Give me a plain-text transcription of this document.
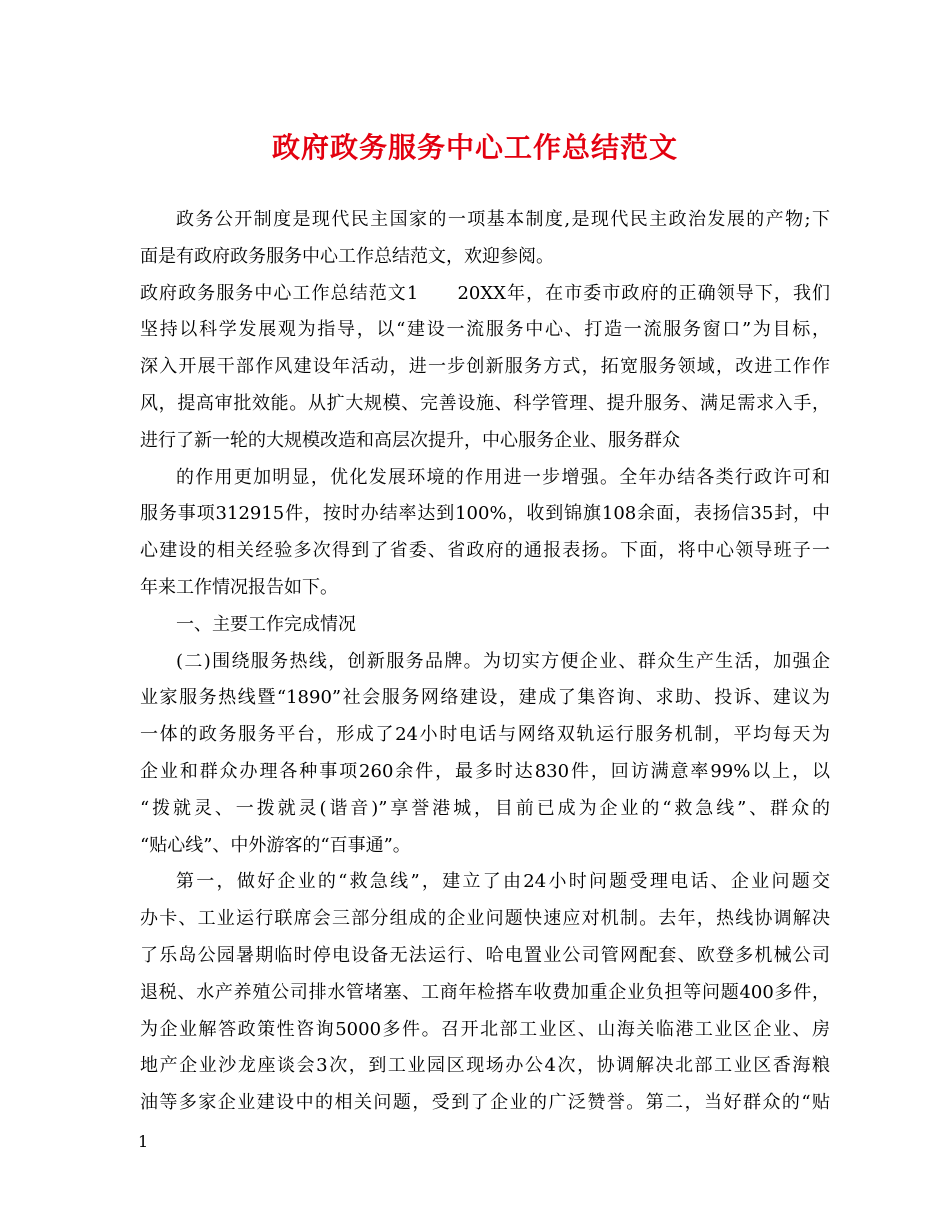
政府政务服务中心工作总结范文
政务公开制度是现代民主国家的一项基本制度,是现代民主政治发展的产物;下
面是有政府政务服务中心工作总结范文，欢迎参阅。
政府政务服务中心工作总结范文1　　20XX年，在市委市政府的正确领导下，我们
坚持以科学发展观为指导，以“建设一流服务中心、打造一流服务窗口”为目标，
深入开展干部作风建设年活动，进一步创新服务方式，拓宽服务领域，改进工作作
风，提高审批效能。从扩大规模、完善设施、科学管理、提升服务、满足需求入手，
进行了新一轮的大规模改造和高层次提升，中心服务企业、服务群众
的作用更加明显，优化发展环境的作用进一步增强。全年办结各类行政许可和
服务事项312915件，按时办结率达到100%，收到锦旗108余面，表扬信35封，中
心建设的相关经验多次得到了省委、省政府的通报表扬。下面，将中心领导班子一
年来工作情况报告如下。
一、主要工作完成情况
(二)围绕服务热线，创新服务品牌。为切实方便企业、群众生产生活，加强企
业家服务热线暨“1890”社会服务网络建设，建成了集咨询、求助、投诉、建议为
一体的政务服务平台，形成了24小时电话与网络双轨运行服务机制，平均每天为
企业和群众办理各种事项260余件，最多时达830件，回访满意率99%以上，以
“拨就灵、一拨就灵(谐音)”享誉港城，目前已成为企业的“救急线”、群众的
“贴心线”、中外游客的“百事通”。
第一，做好企业的“救急线”，建立了由24小时问题受理电话、企业问题交
办卡、工业运行联席会三部分组成的企业问题快速应对机制。去年，热线协调解决
了乐岛公园暑期临时停电设备无法运行、哈电置业公司管网配套、欧登多机械公司
退税、水产养殖公司排水管堵塞、工商年检搭车收费加重企业负担等问题400多件，
为企业解答政策性咨询5000多件。召开北部工业区、山海关临港工业区企业、房
地产企业沙龙座谈会3次，到工业园区现场办公4次，协调解决北部工业区香海粮
油等多家企业建设中的相关问题，受到了企业的广泛赞誉。第二，当好群众的“贴
1
